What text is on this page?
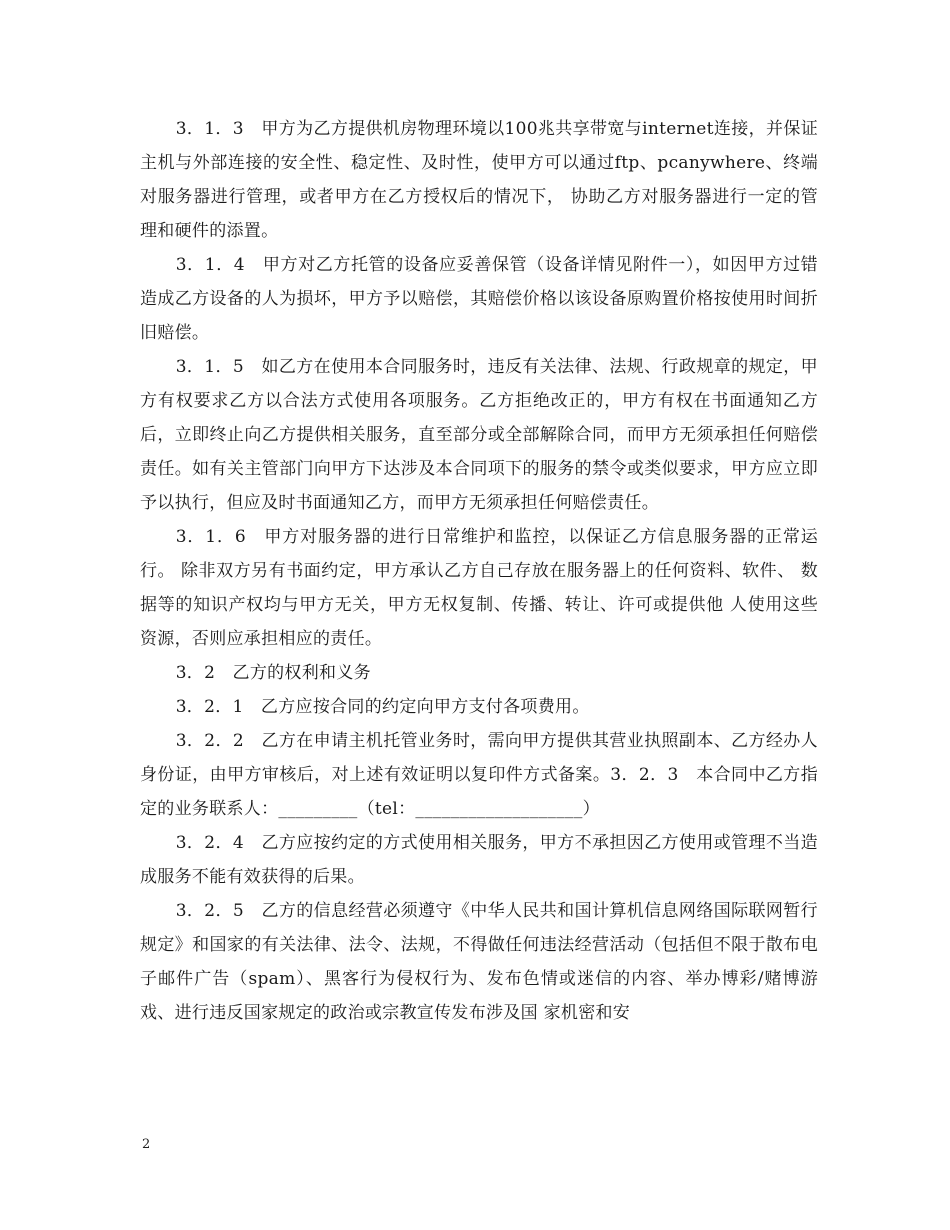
3．1．3　甲方为乙方提供机房物理环境以100兆共享带宽与internet连接，并保证主机与外部连接的安全性、稳定性、及时性，使甲方可以通过ftp、pcanywhere、终端对服务器进行管理，或者甲方在乙方授权后的情况下， 协助乙方对服务器进行一定的管理和硬件的添置。

3．1．4　甲方对乙方托管的设备应妥善保管（设备详情见附件一），如因甲方过错造成乙方设备的人为损坏，甲方予以赔偿，其赔偿价格以该设备原购置价格按使用时间折旧赔偿。

3．1．5　如乙方在使用本合同服务时，违反有关法律、法规、行政规章的规定，甲方有权要求乙方以合法方式使用各项服务。乙方拒绝改正的，甲方有权在书面通知乙方后，立即终止向乙方提供相关服务，直至部分或全部解除合同，而甲方无须承担任何赔偿责任。如有关主管部门向甲方下达涉及本合同项下的服务的禁令或类似要求，甲方应立即予以执行，但应及时书面通知乙方，而甲方无须承担任何赔偿责任。

3．1．6　甲方对服务器的进行日常维护和监控，以保证乙方信息服务器的正常运行。 除非双方另有书面约定，甲方承认乙方自己存放在服务器上的任何资料、软件、 数据等的知识产权均与甲方无关，甲方无权复制、传播、转让、许可或提供他 人使用这些资源，否则应承担相应的责任。

3．2　乙方的权利和义务

3．2．1　乙方应按合同的约定向甲方支付各项费用。

3．2．2　乙方在申请主机托管业务时，需向甲方提供其营业执照副本、乙方经办人身份证，由甲方审核后，对上述有效证明以复印件方式备案。3．2．3　本合同中乙方指定的业务联系人：_________（tel：___________________）

3．2．4　乙方应按约定的方式使用相关服务，甲方不承担因乙方使用或管理不当造成服务不能有效获得的后果。

3．2．5　乙方的信息经营必须遵守《中华人民共和国计算机信息网络国际联网暂行规定》和国家的有关法律、法令、法规，不得做任何违法经营活动（包括但不限于散布电子邮件广告（spam）、黑客行为侵权行为、发布色情或迷信的内容、举办博彩/赌博游戏、进行违反国家规定的政治或宗教宣传发布涉及国 家机密和安

2
